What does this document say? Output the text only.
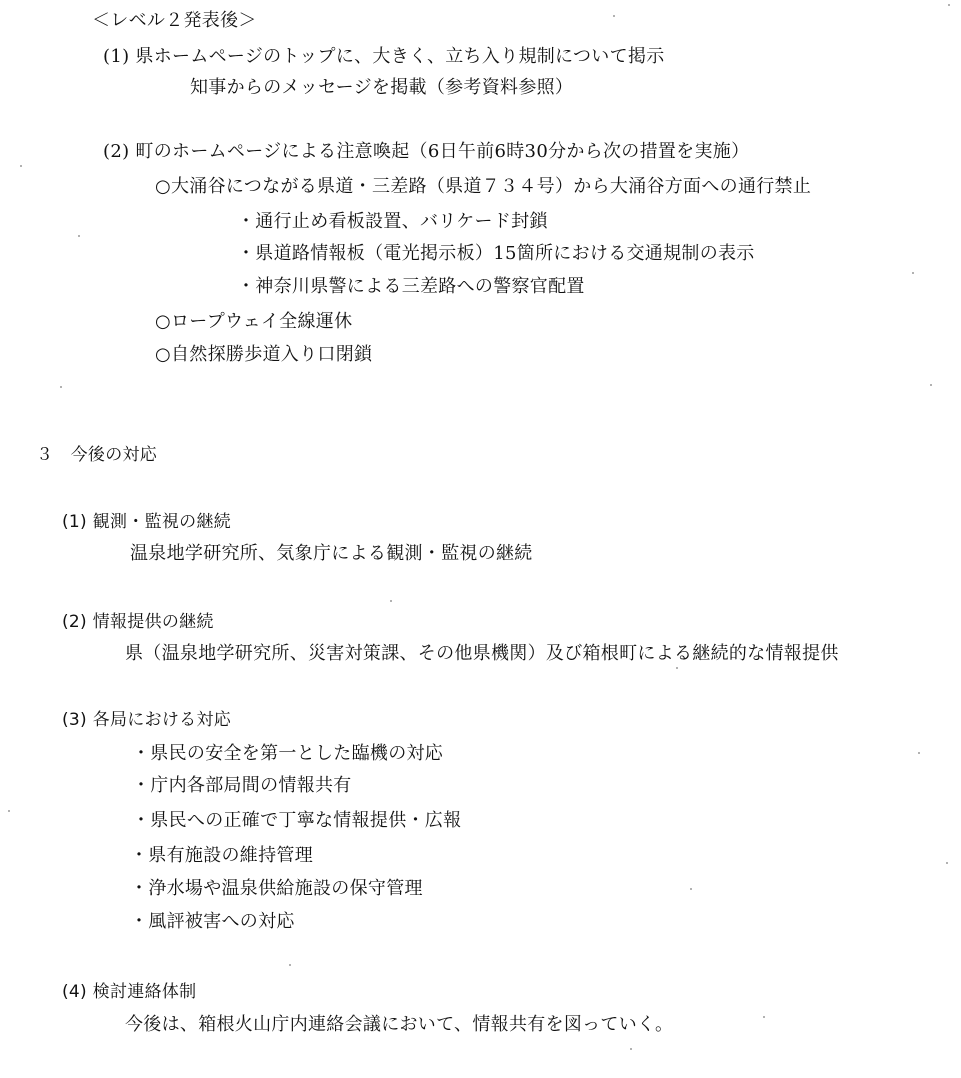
＜レベル２発表後＞
(1) 県ホームページのトップに、大きく、立ち入り規制について掲示
知事からのメッセージを掲載（参考資料参照）
(2) 町のホームページによる注意喚起（6日午前6時30分から次の措置を実施）
○大涌谷につながる県道・三差路（県道７３４号）から大涌谷方面への通行禁止
・通行止め看板設置、バリケード封鎖
・県道路情報板（電光掲示板）15箇所における交通規制の表示
・神奈川県警による三差路への警察官配置
○ロープウェイ全線運休
○自然探勝歩道入り口閉鎖
３　今後の対応
(1) 観測・監視の継続
温泉地学研究所、気象庁による観測・監視の継続
(2) 情報提供の継続
県（温泉地学研究所、災害対策課、その他県機関）及び箱根町による継続的な情報提供
(3) 各局における対応
・県民の安全を第一とした臨機の対応
・庁内各部局間の情報共有
・県民への正確で丁寧な情報提供・広報
・県有施設の維持管理
・浄水場や温泉供給施設の保守管理
・風評被害への対応
(4) 検討連絡体制
今後は、箱根火山庁内連絡会議において、情報共有を図っていく。
